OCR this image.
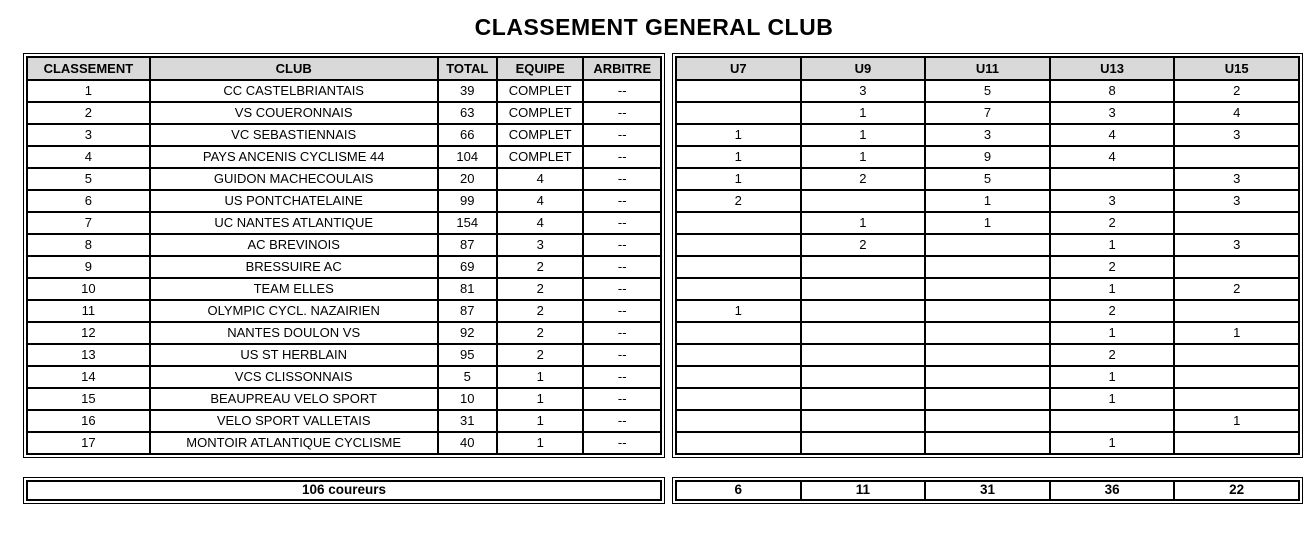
CLASSEMENT GENERAL CLUB
CLASSEMENT	CLUB	TOTAL	EQUIPE	ARBITRE
1	CC CASTELBRIANTAIS	39	COMPLET	--
2	VS COUERONNAIS	63	COMPLET	--
3	VC SEBASTIENNAIS	66	COMPLET	--
4	PAYS ANCENIS CYCLISME 44	104	COMPLET	--
5	GUIDON MACHECOULAIS	20	4	--
6	US PONTCHATELAINE	99	4	--
7	UC NANTES ATLANTIQUE	154	4	--
8	AC BREVINOIS	87	3	--
9	BRESSUIRE AC	69	2	--
10	TEAM ELLES	81	2	--
11	OLYMPIC CYCL. NAZAIRIEN	87	2	--
12	NANTES DOULON VS	92	2	--
13	US ST HERBLAIN	95	2	--
14	VCS CLISSONNAIS	5	1	--
15	BEAUPREAU VELO SPORT	10	1	--
16	VELO SPORT VALLETAIS	31	1	--
17	MONTOIR ATLANTIQUE CYCLISME	40	1	--
U7	U9	U11	U13	U15
	3	5	8	2
	1	7	3	4
1	1	3	4	3
1	1	9	4	
1	2	5		3
2		1	3	3
	1	1	2	
	2		1	3
			2	
			1	2
1			2	
			1	1
			2	
			1	
			1	
				1
			1	
106 coureurs	6	11	31	36	22
